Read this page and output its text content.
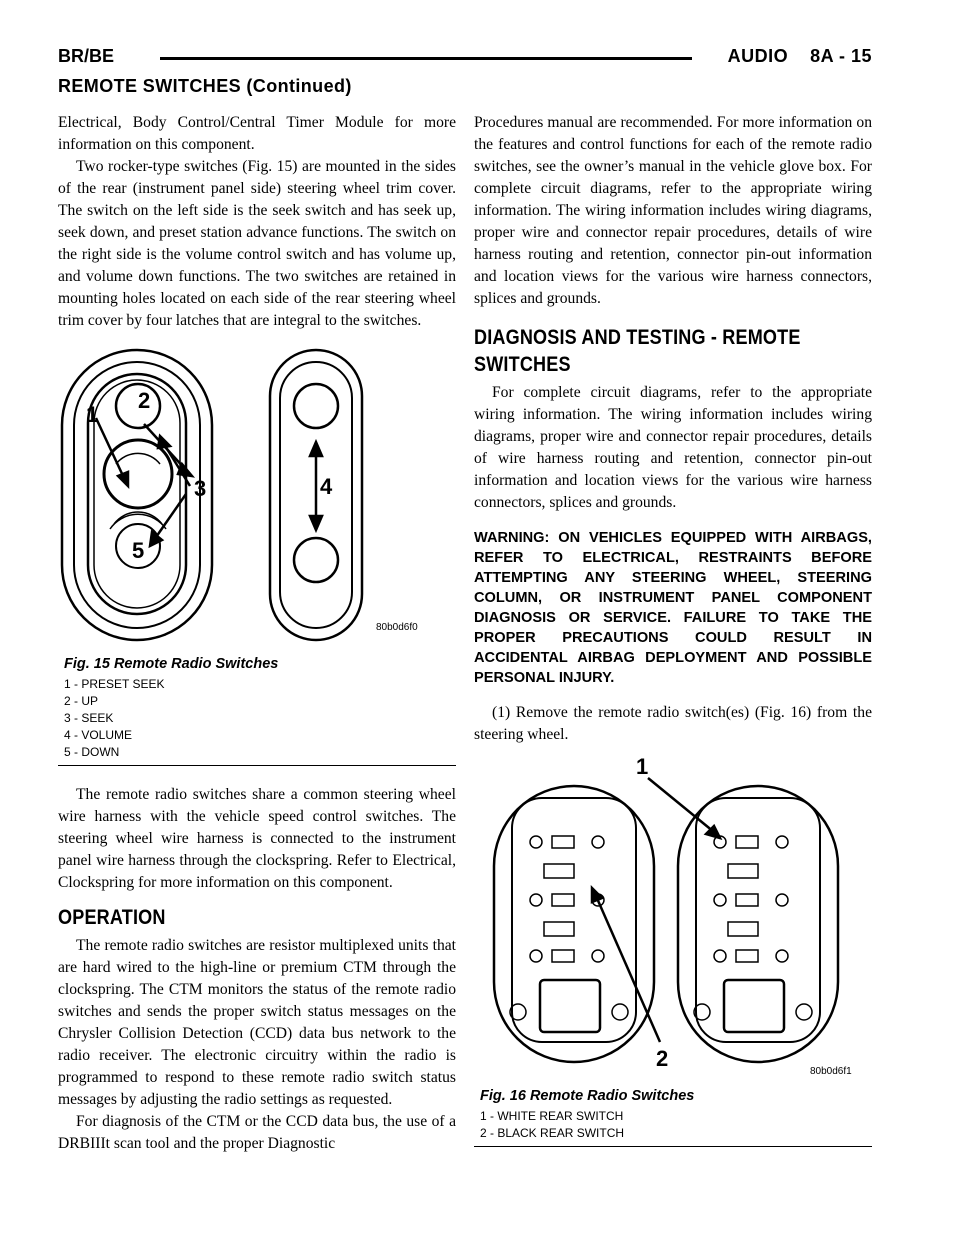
BR/BE	AUDIO    8A - 15
REMOTE SWITCHES (Continued)

Electrical, Body Control/Central Timer Module for more information on this component.

Two rocker-type switches (Fig. 15) are mounted in the sides of the rear (instrument panel side) steering wheel trim cover. The switch on the left side is the seek switch and has seek up, seek down, and preset station advance functions. The switch on the right side is the volume control switch and has volume up, and volume down functions. The two switches are retained in mounting holes located on each side of the rear steering wheel trim cover by four latches that are integral to the switches.

1
2
3	4
5
80b0d6f0
Fig. 15 Remote Radio Switches
1 - PRESET SEEK
2 - UP
3 - SEEK
4 - VOLUME
5 - DOWN

The remote radio switches share a common steering wheel wire harness with the vehicle speed control switches. The steering wheel wire harness is connected to the instrument panel wire harness through the clockspring. Refer to Electrical, Clockspring for more information on this component.

OPERATION

The remote radio switches are resistor multiplexed units that are hard wired to the high-line or premium CTM through the clockspring. The CTM monitors the status of the remote radio switches and sends the proper switch status messages on the Chrysler Collision Detection (CCD) data bus network to the radio receiver. The electronic circuitry within the radio is programmed to respond to these remote radio switch status messages by adjusting the radio settings as requested.

For diagnosis of the CTM or the CCD data bus, the use of a DRBIIIt scan tool and the proper Diagnostic

Procedures manual are recommended. For more information on the features and control functions for each of the remote radio switches, see the owner’s manual in the vehicle glove box. For complete circuit diagrams, refer to the appropriate wiring information. The wiring information includes wiring diagrams, proper wire and connector repair procedures, details of wire harness routing and retention, connector pin-out information and location views for the various wire harness connectors, splices and grounds.

DIAGNOSIS AND TESTING - REMOTE
SWITCHES

For complete circuit diagrams, refer to the appropriate wiring information. The wiring information includes wiring diagrams, proper wire and connector repair procedures, details of wire harness routing and retention, connector pin-out information and location views for the various wire harness connectors, splices and grounds.

WARNING: ON VEHICLES EQUIPPED WITH AIRBAGS, REFER TO ELECTRICAL, RESTRAINTS BEFORE ATTEMPTING ANY STEERING WHEEL, STEERING COLUMN, OR INSTRUMENT PANEL COMPONENT DIAGNOSIS OR SERVICE. FAILURE TO TAKE THE PROPER PRECAUTIONS COULD RESULT IN ACCIDENTAL AIRBAG DEPLOYMENT AND POSSIBLE PERSONAL INJURY.

(1) Remove the remote radio switch(es) (Fig. 16) from the steering wheel.

1
2
80b0d6f1
Fig. 16 Remote Radio Switches
1 - WHITE REAR SWITCH
2 - BLACK REAR SWITCH
